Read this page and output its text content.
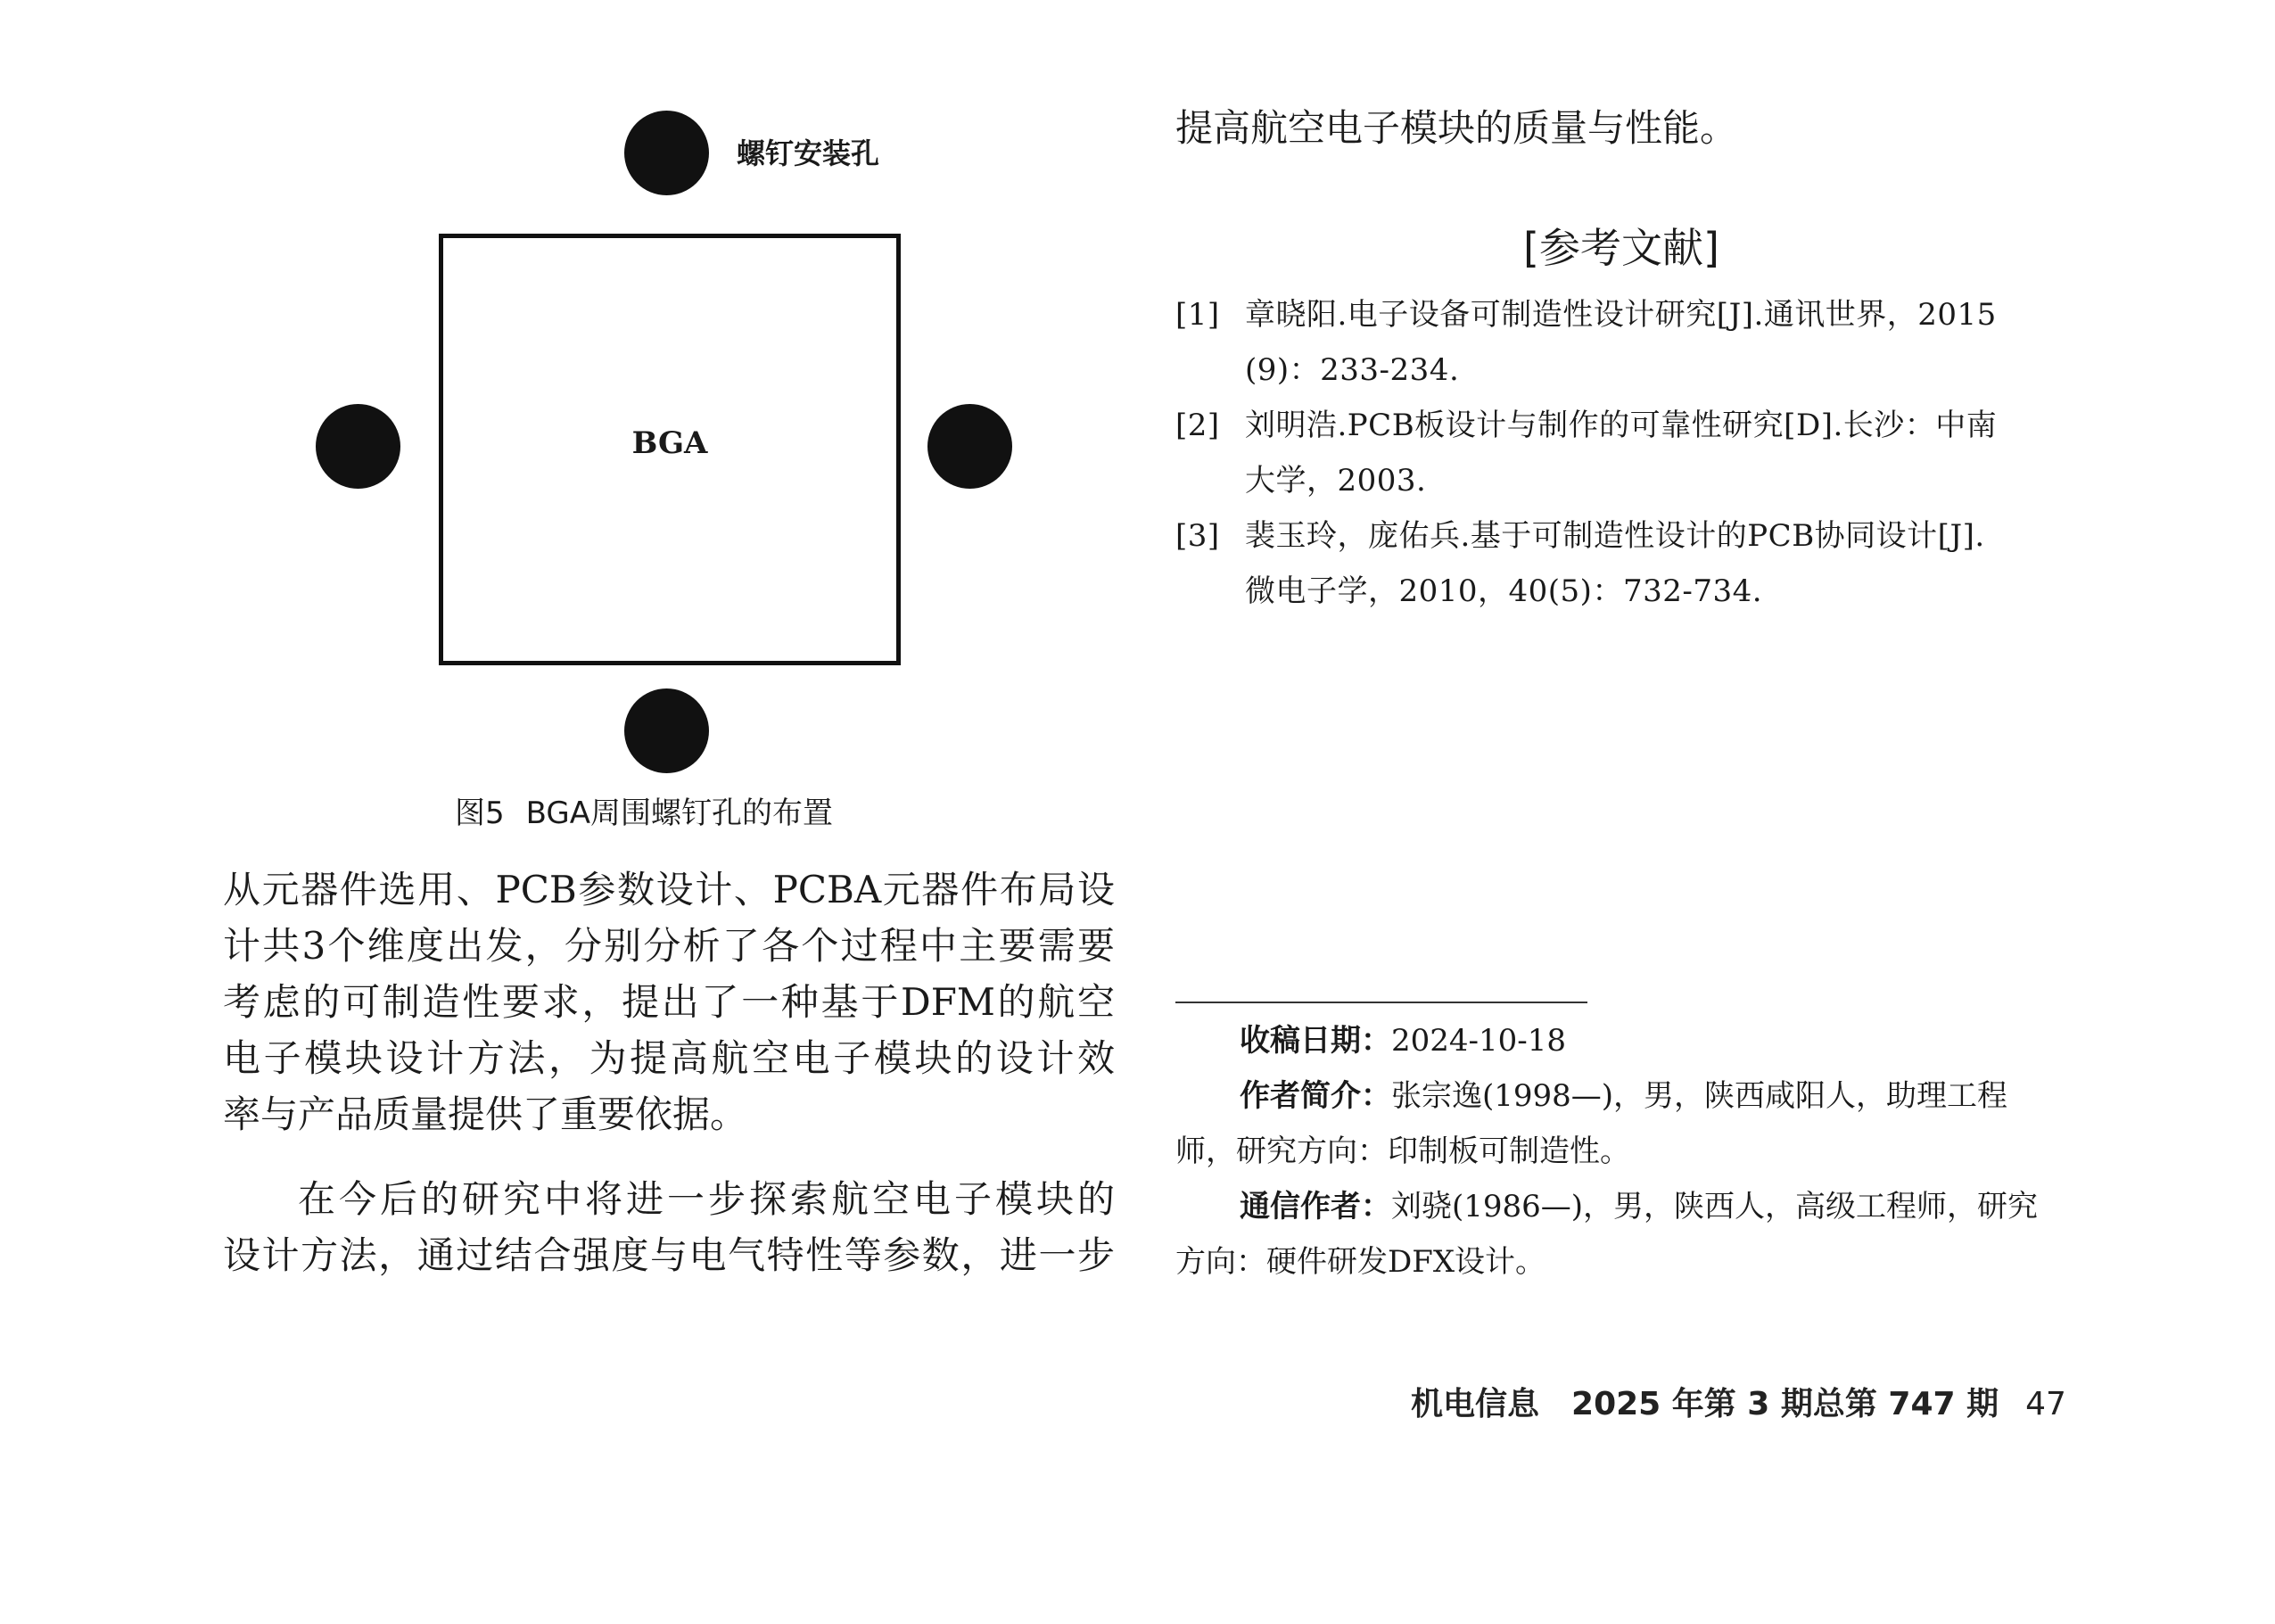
螺钉安装孔
BGA
图5 BGA周围螺钉孔的布置
从元器件选用、PCB参数设计、PCBA元器件布局设
计共3个维度出发，分别分析了各个过程中主要需要
考虑的可制造性要求，提出了一种基于DFM的航空
电子模块设计方法，为提高航空电子模块的设计效
率与产品质量提供了重要依据。
在今后的研究中将进一步探索航空电子模块的
设计方法，通过结合强度与电气特性等参数，进一步
提高航空电子模块的质量与性能。
[参考文献]
[1] 章晓阳.电子设备可制造性设计研究[J].通讯世界，2015
(9)：233-234.
[2] 刘明浩.PCB板设计与制作的可靠性研究[D].长沙：中南
大学，2003.
[3] 裴玉玲，庞佑兵.基于可制造性设计的PCB协同设计[J].
微电子学，2010，40(5)：732-734.
收稿日期：2024-10-18
作者简介：张宗逸(1998—)，男，陕西咸阳人，助理工程
师，研究方向：印制板可制造性。
通信作者：刘骁(1986—)，男，陕西人，高级工程师，研究
方向：硬件研发DFX设计。
机电信息 2025 年第 3 期总第 747 期 47
